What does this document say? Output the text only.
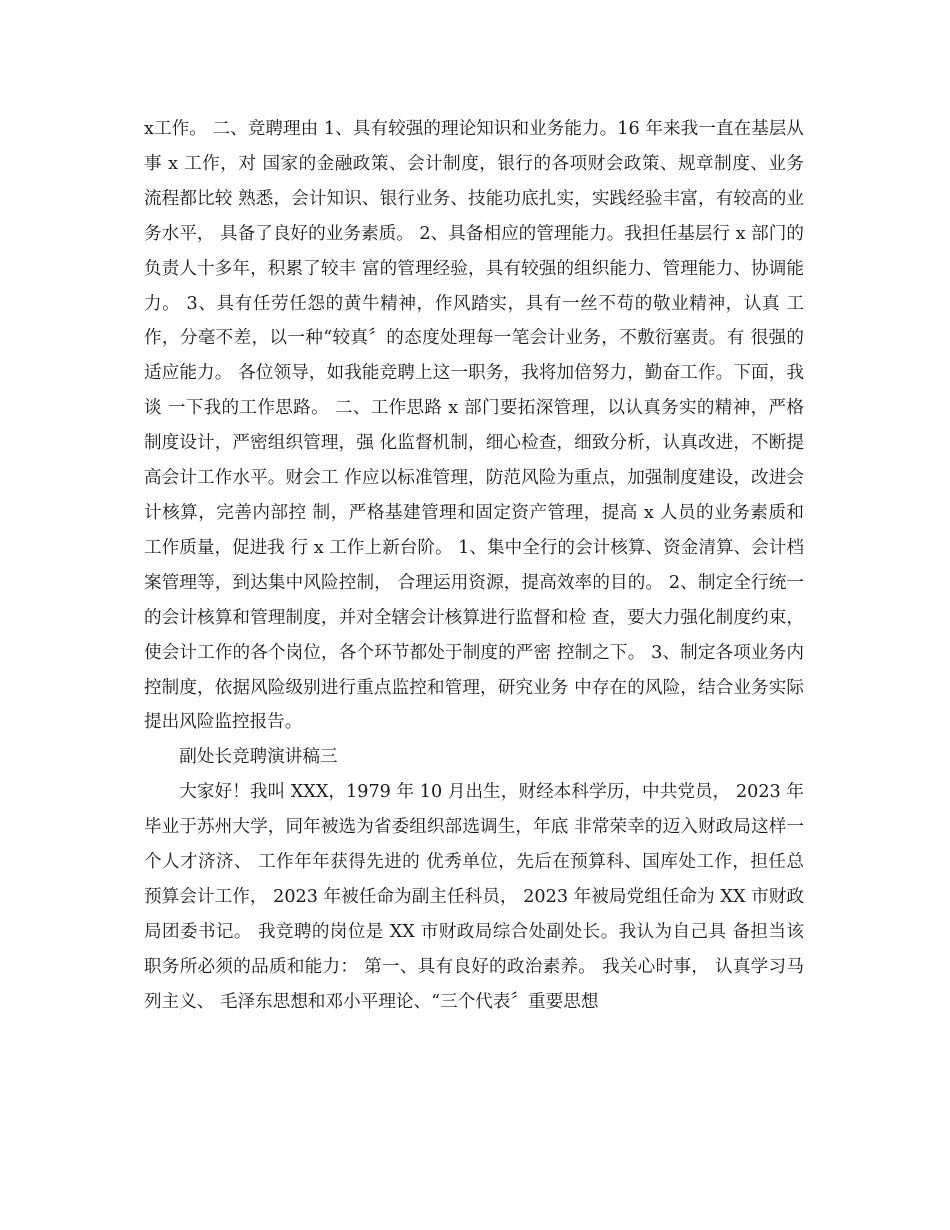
x工作。 二、竞聘理由 1、具有较强的理论知识和业务能力。16 年来我一直在基层从事 x 工作，对 国家的金融政策、会计制度，银行的各项财会政策、规章制度、业务流程都比较 熟悉，会计知识、银行业务、技能功底扎实，实践经验丰富，有较高的业务水平， 具备了良好的业务素质。 2、具备相应的管理能力。我担任基层行 x 部门的负责人十多年，积累了较丰 富的管理经验，具有较强的组织能力、管理能力、协调能力。 3、具有任劳任怨的黄牛精神，作风踏实，具有一丝不苟的敬业精神，认真 工作，分毫不差，以一种“较真〞的态度处理每一笔会计业务，不敷衍塞责。有 很强的适应能力。 各位领导，如我能竞聘上这一职务，我将加倍努力，勤奋工作。下面，我谈 一下我的工作思路。 二、工作思路 x 部门要拓深管理，以认真务实的精神，严格制度设计，严密组织管理，强 化监督机制，细心检查，细致分析，认真改进，不断提高会计工作水平。财会工 作应以标准管理，防范风险为重点，加强制度建设，改进会计核算，完善内部控 制，严格基建管理和固定资产管理，提高 x 人员的业务素质和工作质量，促进我 行 x 工作上新台阶。 1、集中全行的会计核算、资金清算、会计档案管理等，到达集中风险控制， 合理运用资源，提高效率的目的。 2、制定全行统一的会计核算和管理制度，并对全辖会计核算进行监督和检 查，要大力强化制度约束，使会计工作的各个岗位，各个环节都处于制度的严密 控制之下。 3、制定各项业务内控制度，依据风险级别进行重点监控和管理，研究业务 中存在的风险，结合业务实际提出风险监控报告。

副处长竞聘演讲稿三

大家好！我叫 XXX，1979 年 10 月出生，财经本科学历，中共党员， 2023 年毕业于苏州大学，同年被选为省委组织部选调生，年底 非常荣幸的迈入财政局这样一个人才济济、 工作年年获得先进的 优秀单位，先后在预算科、国库处工作，担任总预算会计工作， 2023 年被任命为副主任科员， 2023 年被局党组任命为 XX 市财政 局团委书记。 我竞聘的岗位是 XX 市财政局综合处副处长。我认为自己具 备担当该职务所必须的品质和能力： 第一、具有良好的政治素养。 我关心时事， 认真学习马列主义、 毛泽东思想和邓小平理论、“三个代表〞重要思想
